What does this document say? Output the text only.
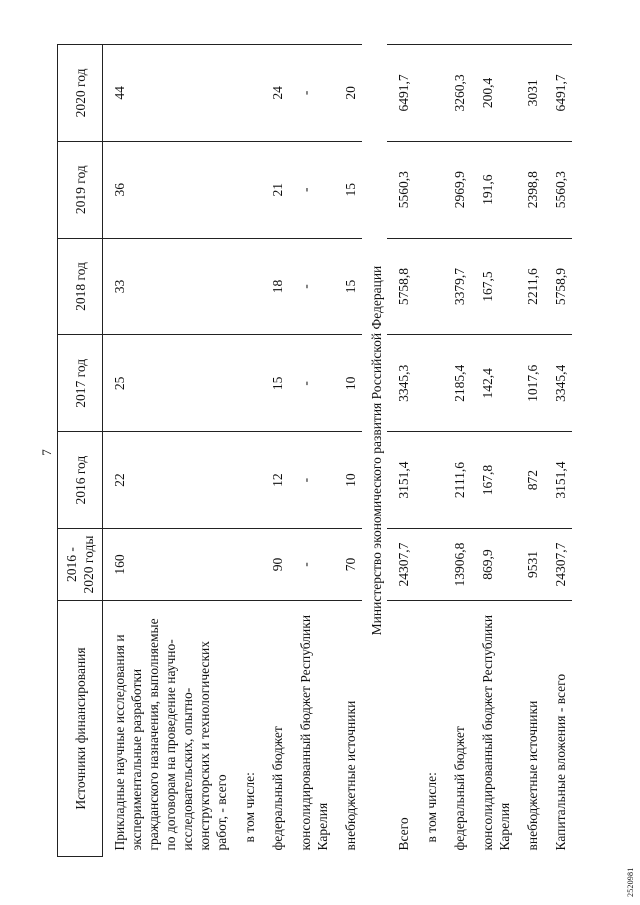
7
Источники финансирования	2016 - 2020 годы	2016 год	2017 год	2018 год	2019 год	2020 год
Прикладные научные исследования и экспериментальные разработки гражданского назначения, выполняемые по договорам на проведение научно-исследовательских, опытно-конструкторских и технологических работ, - всего	160	22	25	33	36	44
в том числе:						
федеральный бюджет	90	12	15	18	21	24
консолидированный бюджет Республики Карелия	-	-	-	-	-	-
внебюджетные источники	70	10	10	15	15	20
Министерство экономического развития Российской Федерации						
Всего	24307,7	3151,4	3345,3	5758,8	5560,3	6491,7
в том числе:						
федеральный бюджет	13906,8	2111,6	2185,4	3379,7	2969,9	3260,3
консолидированный бюджет Республики Карелия	869,9	167,8	142,4	167,5	191,6	200,4
внебюджетные источники	9531	872	1017,6	2211,6	2398,8	3031
Капитальные вложения - всего	24307,7	3151,4	3345,4	5758,9	5560,3	6491,7
2520981
